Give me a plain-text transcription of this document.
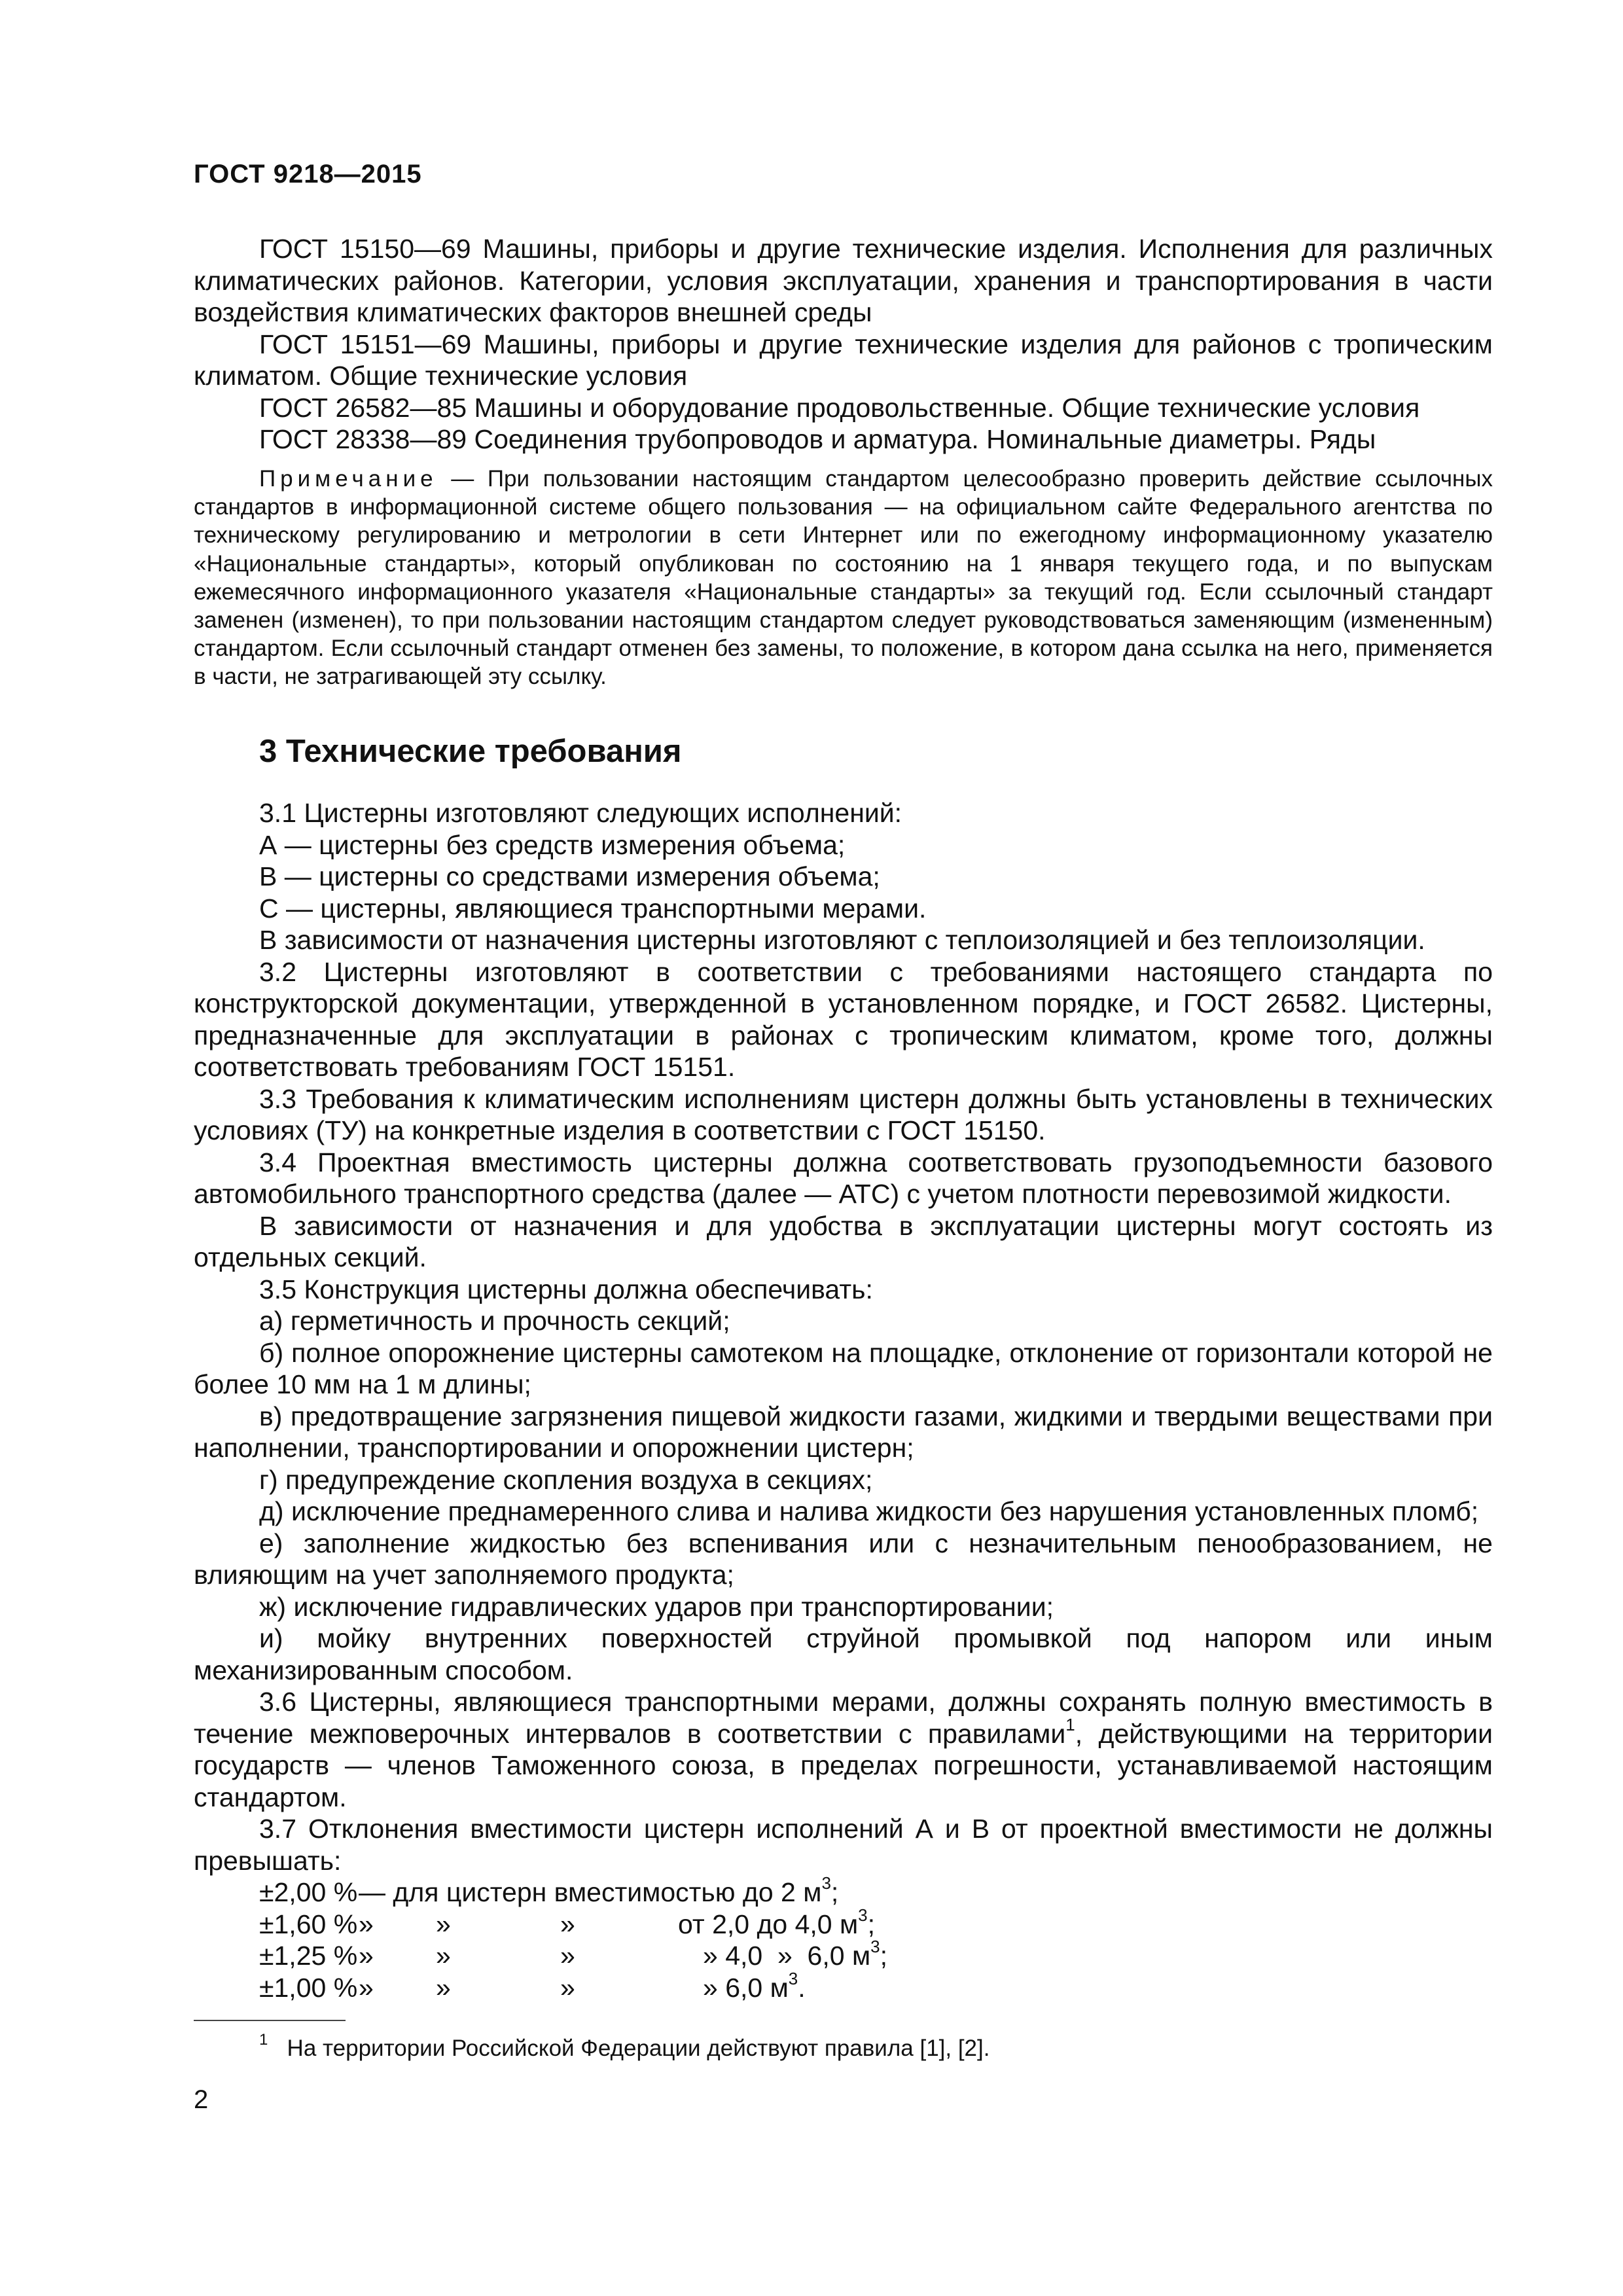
ГОСТ 9218—2015

ГОСТ 15150—69 Машины, приборы и другие технические изделия. Исполнения для различных климатических районов. Категории, условия эксплуатации, хранения и транспортирования в части воздействия климатических факторов внешней среды

ГОСТ 15151—69 Машины, приборы и другие технические изделия для районов с тропическим климатом. Общие технические условия

ГОСТ 26582—85 Машины и оборудование продовольственные. Общие технические условия

ГОСТ 28338—89 Соединения трубопроводов и арматура. Номинальные диаметры. Ряды

Примечание — При пользовании настоящим стандартом целесообразно проверить действие ссылочных стандартов в информационной системе общего пользования — на официальном сайте Федерального агентства по техническому регулированию и метрологии в сети Интернет или по ежегодному информационному указателю «Национальные стандарты», который опубликован по состоянию на 1 января текущего года, и по выпускам ежемесячного информационного указателя «Национальные стандарты» за текущий год. Если ссылочный стандарт заменен (изменен), то при пользовании настоящим стандартом следует руководствоваться заменяющим (измененным) стандартом. Если ссылочный стандарт отменен без замены, то положение, в котором дана ссылка на него, применяется в части, не затрагивающей эту ссылку.

3 Технические требования

3.1 Цистерны изготовляют следующих исполнений:

А — цистерны без средств измерения объема;

В — цистерны со средствами измерения объема;

С — цистерны, являющиеся транспортными мерами.

В зависимости от назначения цистерны изготовляют с теплоизоляцией и без теплоизоляции.

3.2 Цистерны изготовляют в соответствии с требованиями настоящего стандарта по конструкторской документации, утвержденной в установленном порядке, и ГОСТ 26582. Цистерны, предназначенные для эксплуатации в районах с тропическим климатом, кроме того, должны соответствовать требованиям ГОСТ 15151.

3.3 Требования к климатическим исполнениям цистерн должны быть установлены в технических условиях (ТУ) на конкретные изделия в соответствии с ГОСТ 15150.

3.4 Проектная вместимость цистерны должна соответствовать грузоподъемности базового автомобильного транспортного средства (далее — АТС) с учетом плотности перевозимой жидкости.

В зависимости от назначения и для удобства в эксплуатации цистерны могут состоять из отдельных секций.

3.5 Конструкция цистерны должна обеспечивать:

а) герметичность и прочность секций;

б) полное опорожнение цистерны самотеком на площадке, отклонение от горизонтали которой не более 10 мм на 1 м длины;

в) предотвращение загрязнения пищевой жидкости газами, жидкими и твердыми веществами при наполнении, транспортировании и опорожнении цистерн;

г) предупреждение скопления воздуха в секциях;

д) исключение преднамеренного слива и налива жидкости без нарушения установленных пломб;

е) заполнение жидкостью без вспенивания или с незначительным пенообразованием, не влияющим на учет заполняемого продукта;

ж) исключение гидравлических ударов при транспортировании;

и) мойку внутренних поверхностей струйной промывкой под напором или иным механизированным способом.

3.6 Цистерны, являющиеся транспортными мерами, должны сохранять полную вместимость в течение межповерочных интервалов в соответствии с правилами$^1$, действующими на территории государств — членов Таможенного союза, в пределах погрешности, устанавливаемой настоящим стандартом.

3.7 Отклонения вместимости цистерн исполнений А и В от проектной вместимости не должны превышать:

±2,00 %	— для цистерн вместимостью до 2 $м^3$;			
±1,60 %	»	»	»	от 2,0 до 4,0 $м^3$;
±1,25 %	»	»	»	» 4,0  »  6,0 $м^3$;
±1,00 %	»	»	»	» 6,0 $м^3$.
$^1$ На территории Российской Федерации действуют правила [1], [2].
2
